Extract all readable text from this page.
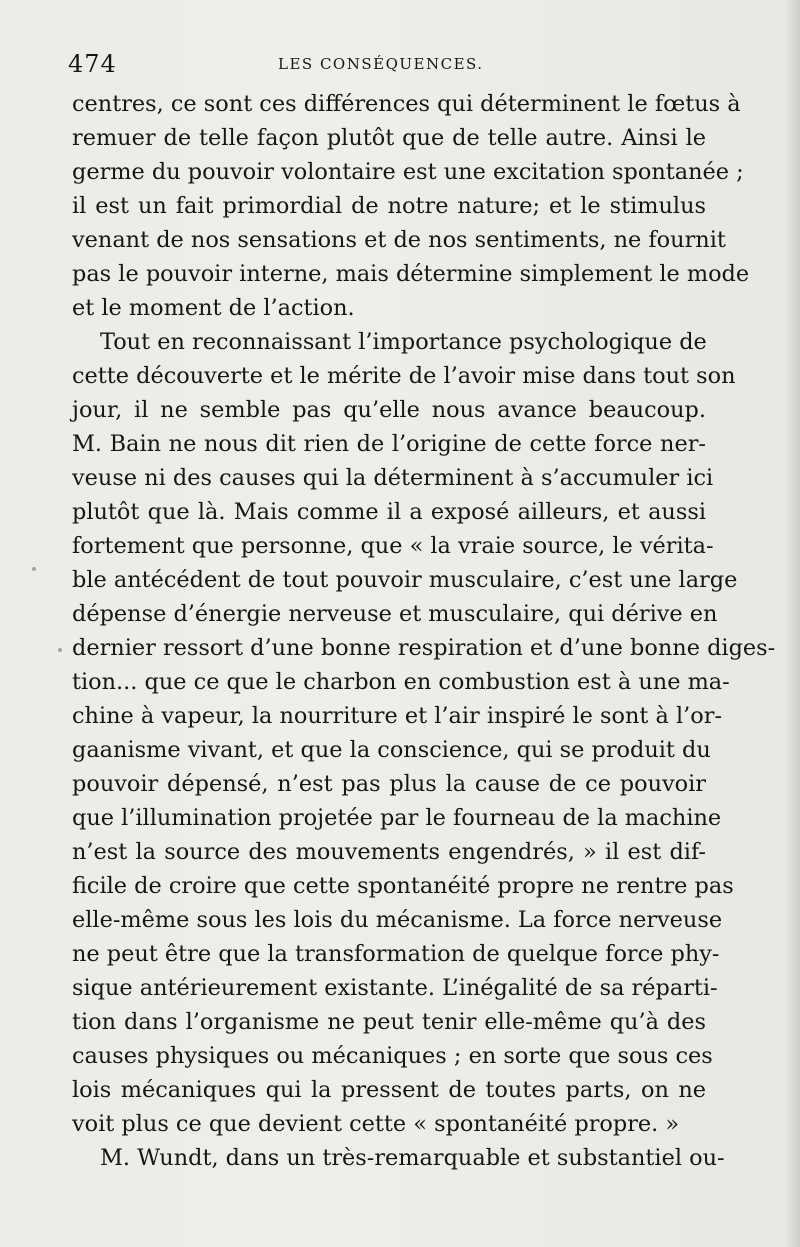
474	LES CONSÉQUENCES.
centres, ce sont ces différences qui déterminent le fœtus à
remuer de telle façon plutôt que de telle autre. Ainsi le
germe du pouvoir volontaire est une excitation spontanée ;
il est un fait primordial de notre nature; et le stimulus
venant de nos sensations et de nos sentiments, ne fournit
pas le pouvoir interne, mais détermine simplement le mode
et le moment de l’action.
Tout en reconnaissant l’importance psychologique de
cette découverte et le mérite de l’avoir mise dans tout son
jour, il ne semble pas qu’elle nous avance beaucoup.
M. Bain ne nous dit rien de l’origine de cette force ner-
veuse ni des causes qui la déterminent à s’accumuler ici
plutôt que là. Mais comme il a exposé ailleurs, et aussi
fortement que personne, que « la vraie source, le vérita-
ble antécédent de tout pouvoir musculaire, c’est une large
dépense d’énergie nerveuse et musculaire, qui dérive en
dernier ressort d’une bonne respiration et d’une bonne diges-
tion... que ce que le charbon en combustion est à une ma-
chine à vapeur, la nourriture et l’air inspiré le sont à l’or-
gaanisme vivant, et que la conscience, qui se produit du
pouvoir dépensé, n’est pas plus la cause de ce pouvoir
que l’illumination projetée par le fourneau de la machine
n’est la source des mouvements engendrés, » il est dif-
ficile de croire que cette spontanéité propre ne rentre pas
elle-même sous les lois du mécanisme. La force nerveuse
ne peut être que la transformation de quelque force phy-
sique antérieurement existante. L’inégalité de sa réparti-
tion dans l’organisme ne peut tenir elle-même qu’à des
causes physiques ou mécaniques ; en sorte que sous ces
lois mécaniques qui la pressent de toutes parts, on ne
voit plus ce que devient cette « spontanéité propre. »
M. Wundt, dans un très-remarquable et substantiel ou-
